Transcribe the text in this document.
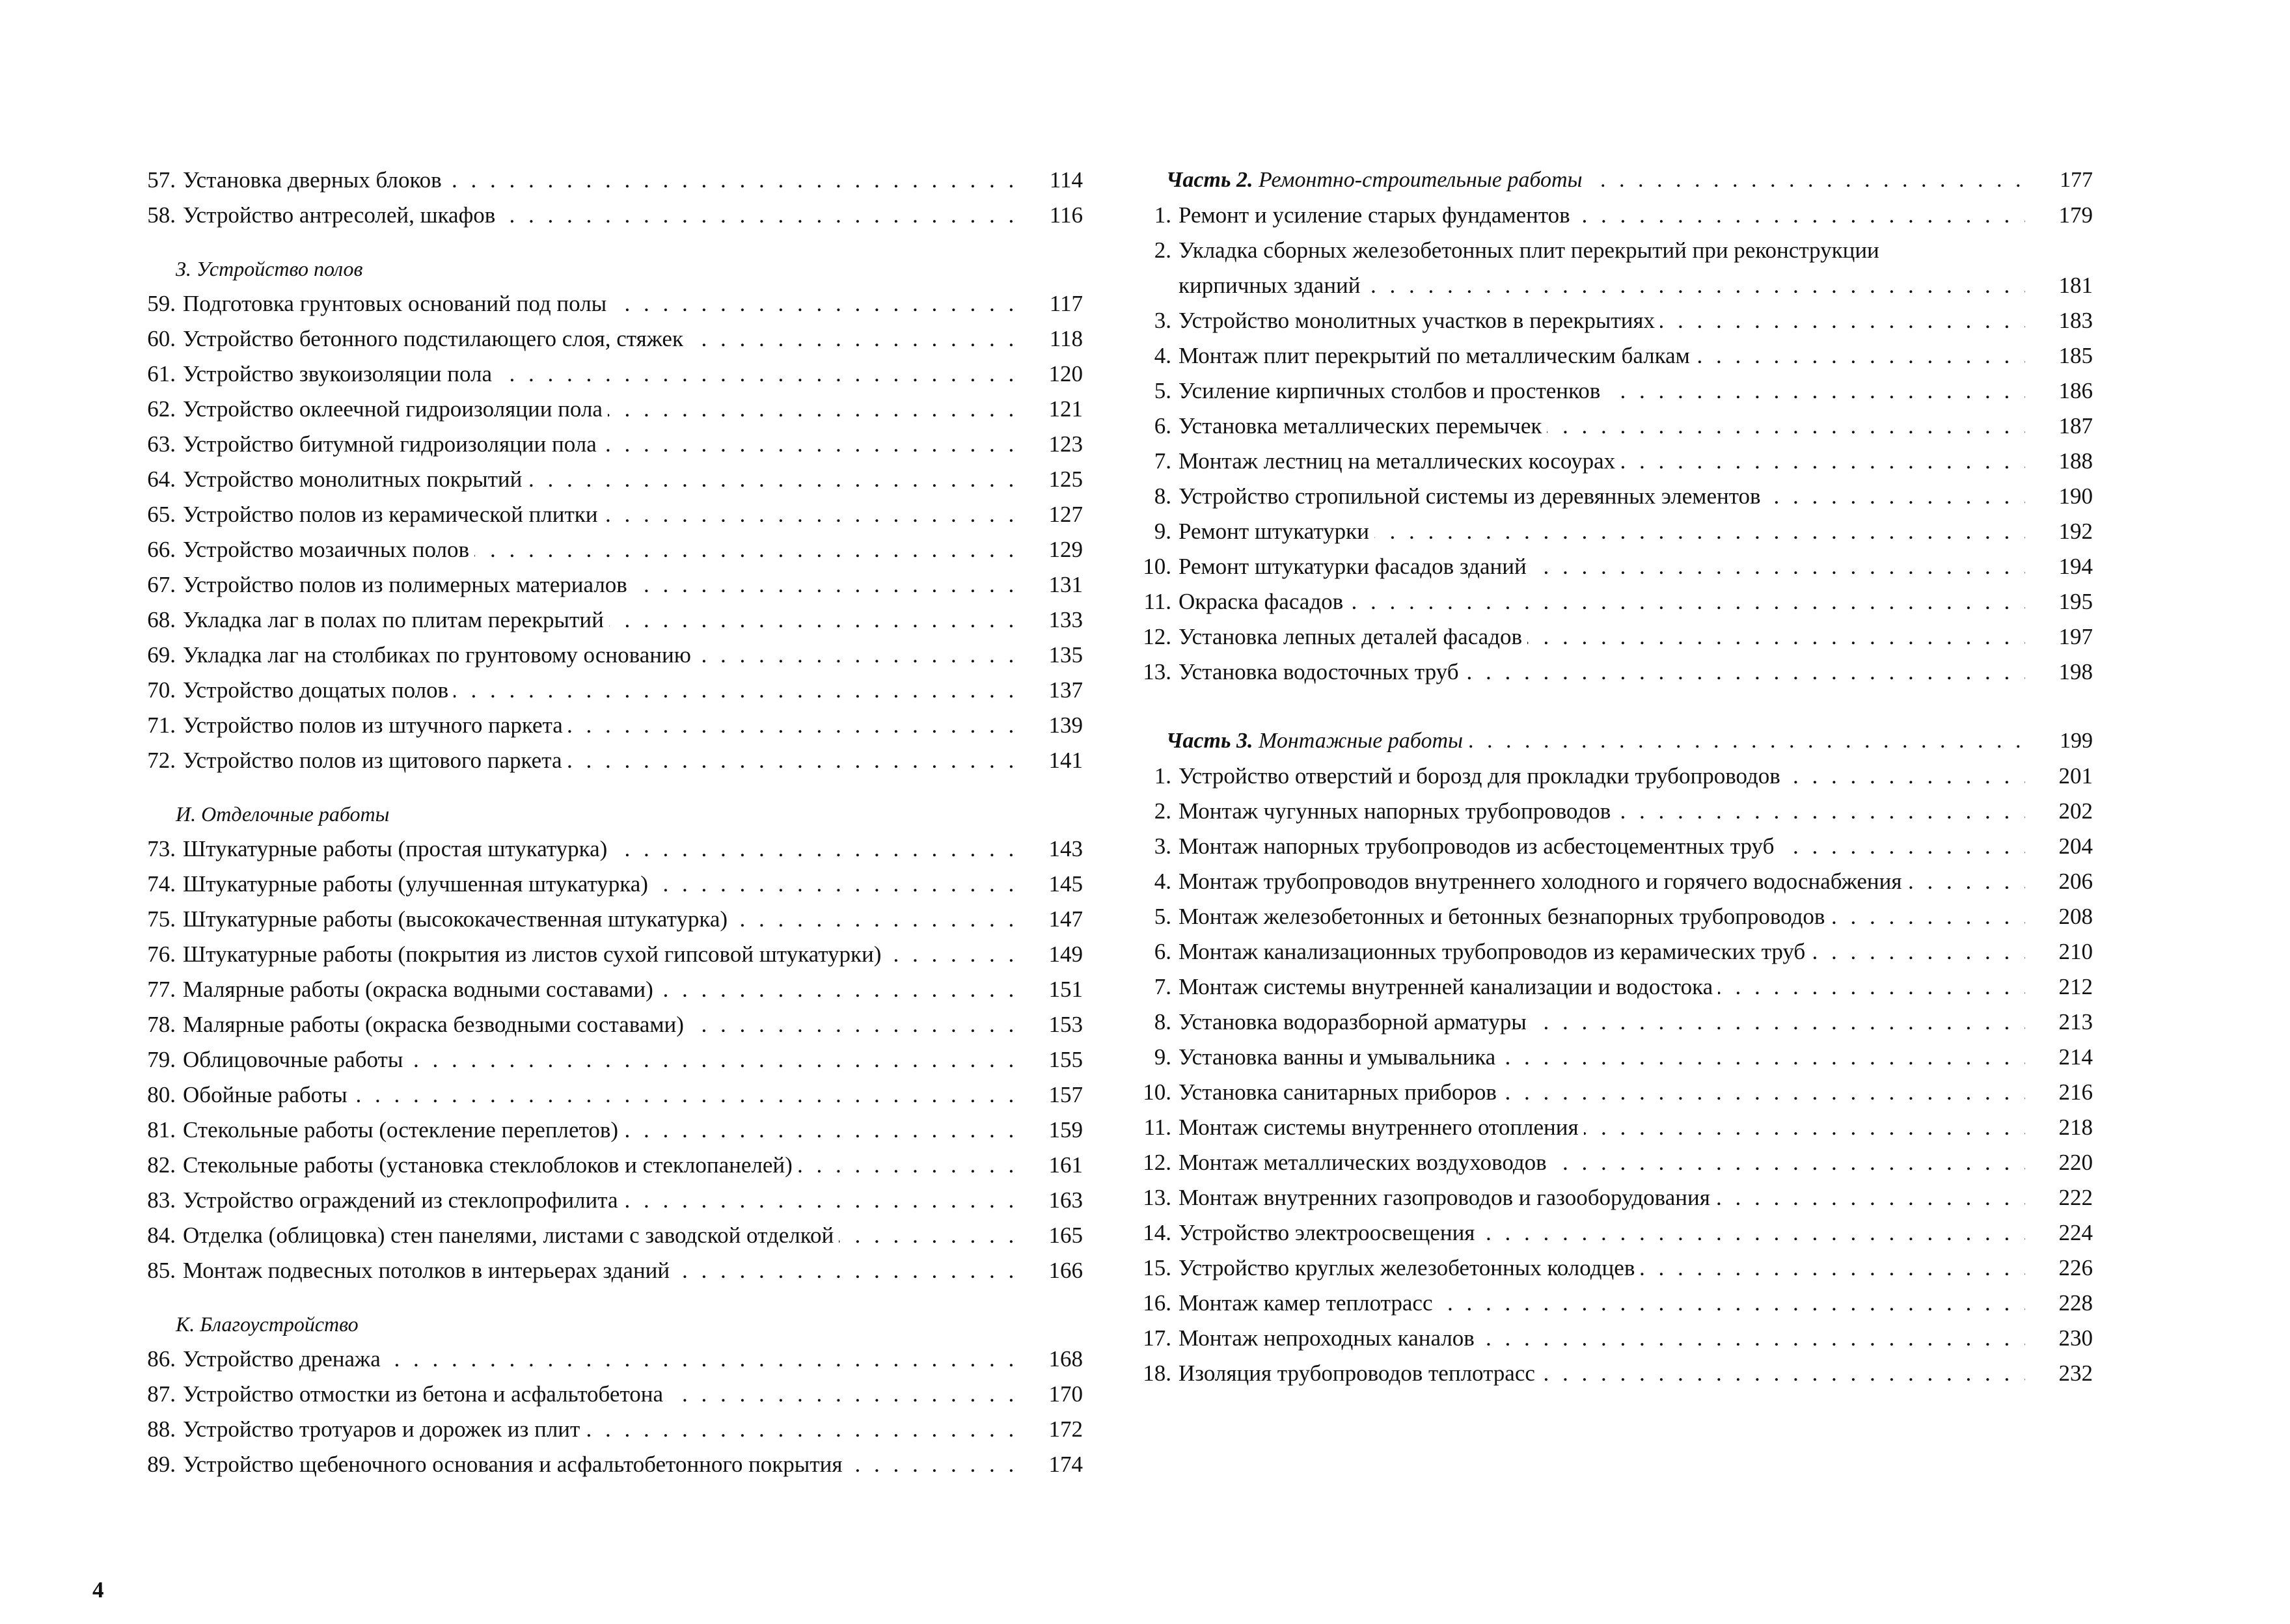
57. Установка дверных блоков . . .	114
58. Устройство антресолей, шкафов . . .	116
З. Устройство полов
59. Подготовка грунтовых оснований под полы . . .	117
60. Устройство бетонного подстилающего слоя, стяжек . . .	118
61. Устройство звукоизоляции пола . . .	120
62. Устройство оклеечной гидроизоляции пола . . .	121
63. Устройство битумной гидроизоляции пола . . .	123
64. Устройство монолитных покрытий . . .	125
65. Устройство полов из керамической плитки . . .	127
66. Устройство мозаичных полов . . .	129
67. Устройство полов из полимерных материалов . . .	131
68. Укладка лаг в полах по плитам перекрытий . . .	133
69. Укладка лаг на столбиках по грунтовому основанию . . .	135
70. Устройство дощатых полов . . .	137
71. Устройство полов из штучного паркета . . .	139
72. Устройство полов из щитового паркета . . .	141
И. Отделочные работы
73. Штукатурные работы (простая штукатурка) . . .	143
74. Штукатурные работы (улучшенная штукатурка) . . .	145
75. Штукатурные работы (высококачественная штукатурка) . . .	147
76. Штукатурные работы (покрытия из листов сухой гипсовой штукатурки) . . .	149
77. Малярные работы (окраска водными составами) . . .	151
78. Малярные работы (окраска безводными составами) . . .	153
79. Облицовочные работы . . .	155
80. Обойные работы . . .	157
81. Стекольные работы (остекление переплетов) . . .	159
82. Стекольные работы (установка стеклоблоков и стеклопанелей) . . .	161
83. Устройство ограждений из стеклопрофилита . . .	163
84. Отделка (облицовка) стен панелями, листами с заводской отделкой . . .	165
85. Монтаж подвесных потолков в интерьерах зданий . . .	166
К. Благоустройство
86. Устройство дренажа . . .	168
87. Устройство отмостки из бетона и асфальтобетона . . .	170
88. Устройство тротуаров и дорожек из плит . . .	172
89. Устройство щебеночного основания и асфальтобетонного покрытия . . .	174
Часть 2. Ремонтно-строительные работы . . .	177
1. Ремонт и усиление старых фундаментов . . .	179
2. Укладка сборных железобетонных плит перекрытий при реконструкции
кирпичных зданий . . .	181
3. Устройство монолитных участков в перекрытиях . . .	183
4. Монтаж плит перекрытий по металлическим балкам . . .	185
5. Усиление кирпичных столбов и простенков . . .	186
6. Установка металлических перемычек . . .	187
7. Монтаж лестниц на металлических косоурах . . .	188
8. Устройство стропильной системы из деревянных элементов . . .	190
9. Ремонт штукатурки . . .	192
10. Ремонт штукатурки фасадов зданий . . .	194
11. Окраска фасадов . . .	195
12. Установка лепных деталей фасадов . . .	197
13. Установка водосточных труб . . .	198
Часть 3. Монтажные работы . . .	199
1. Устройство отверстий и борозд для прокладки трубопроводов . . .	201
2. Монтаж чугунных напорных трубопроводов . . .	202
3. Монтаж напорных трубопроводов из асбестоцементных труб . . .	204
4. Монтаж трубопроводов внутреннего холодного и горячего водоснабжения . . .	206
5. Монтаж железобетонных и бетонных безнапорных трубопроводов . . .	208
6. Монтаж канализационных трубопроводов из керамических труб . . .	210
7. Монтаж системы внутренней канализации и водостока . . .	212
8. Установка водоразборной арматуры . . .	213
9. Установка ванны и умывальника . . .	214
10. Установка санитарных приборов . . .	216
11. Монтаж системы внутреннего отопления . . .	218
12. Монтаж металлических воздуховодов . . .	220
13. Монтаж внутренних газопроводов и газооборудования . . .	222
14. Устройство электроосвещения . . .	224
15. Устройство круглых железобетонных колодцев . . .	226
16. Монтаж камер теплотрасс . . .	228
17. Монтаж непроходных каналов . . .	230
18. Изоляция трубопроводов теплотрасс . . .	232
4
